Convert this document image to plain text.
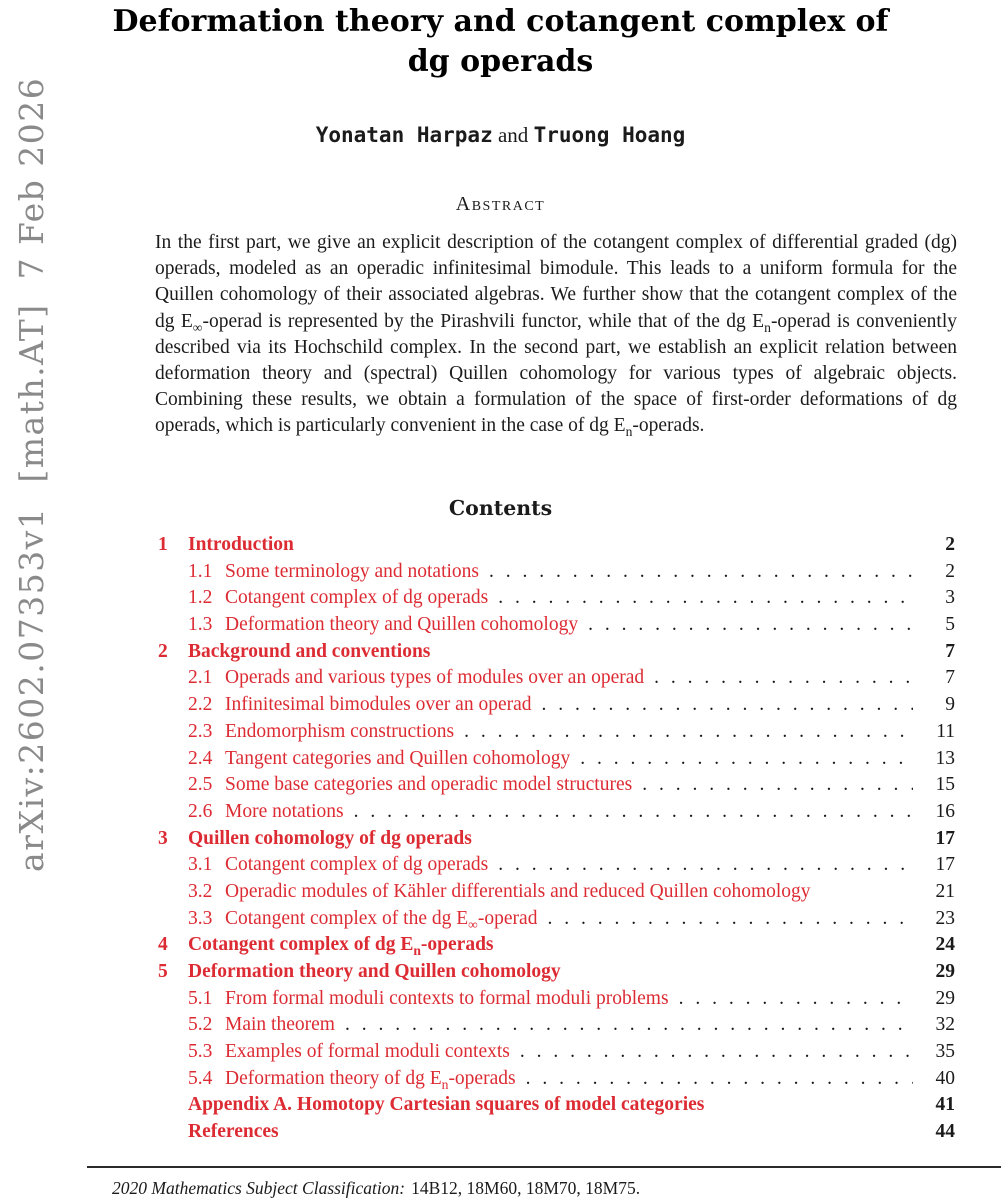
arXiv:2602.07353v1  [math.AT]  7 Feb 2026
Deformation theory and cotangent complex of
dg operads
Yonatan Harpaz and Truong Hoang
Abstract
In the first part, we give an explicit description of the cotangent complex of differential graded (dg) operads, modeled as an operadic infinitesimal bimodule. This leads to a uniform formula for the Quillen cohomology of their associated algebras. We further show that the cotangent complex of the dg $E_\infty$-operad is represented by the Pirashvili functor, while that of the dg $E_n$-operad is conveniently described via its Hochschild complex. In the second part, we establish an explicit relation between deformation theory and (spectral) Quillen cohomology for various types of algebraic objects. Combining these results, we obtain a formulation of the space of first-order deformations of dg operads, which is particularly convenient in the case of dg $E_n$-operads.
Contents
1	Introduction	2
1.1 Some terminology and notations . . .	2
1.2 Cotangent complex of dg operads . . .	3
1.3 Deformation theory and Quillen cohomology . . .	5
2	Background and conventions	7
2.1 Operads and various types of modules over an operad . . .	7
2.2 Infinitesimal bimodules over an operad . . .	9
2.3 Endomorphism constructions . . .	11
2.4 Tangent categories and Quillen cohomology . . .	13
2.5 Some base categories and operadic model structures . . .	15
2.6 More notations . . .	16
3	Quillen cohomology of dg operads	17
3.1 Cotangent complex of dg operads . . .	17
3.2 Operadic modules of Kähler differentials and reduced Quillen cohomology	21
3.3 Cotangent complex of the dg $E_\infty$-operad . . .	23
4	Cotangent complex of dg $E_n$-operads	24
5	Deformation theory and Quillen cohomology	29
5.1 From formal moduli contexts to formal moduli problems . . .	29
5.2 Main theorem . . .	32
5.3 Examples of formal moduli contexts . . .	35
5.4 Deformation theory of dg $E_n$-operads . . .	40
Appendix A. Homotopy Cartesian squares of model categories	41
References	44
2020 Mathematics Subject Classification: 14B12, 18M60, 18M70, 18M75.
